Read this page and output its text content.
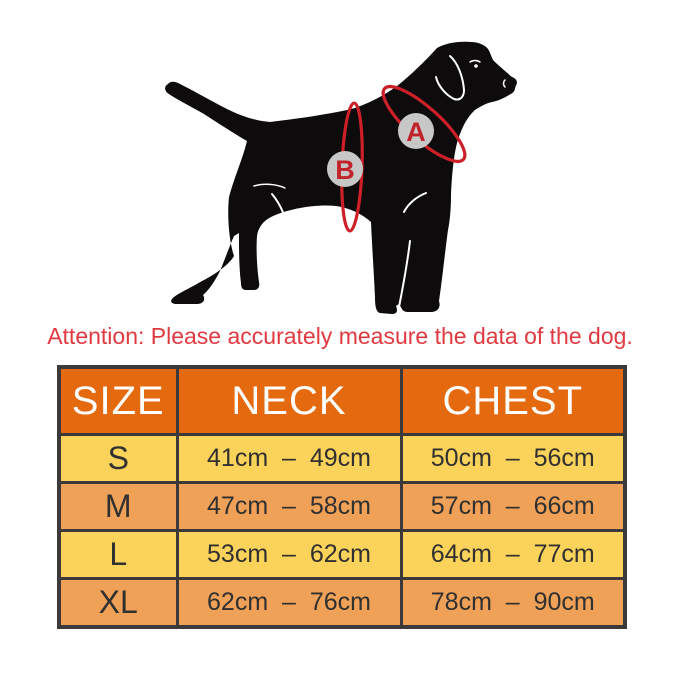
A
B
Attention: Please accurately measure the data of the dog.
SIZE	NECK	CHEST
S	41cm  –  49cm	50cm  –  56cm
M	47cm  –  58cm	57cm  –  66cm
L	53cm  –  62cm	64cm  –  77cm
XL	62cm  –  76cm	78cm  –  90cm
